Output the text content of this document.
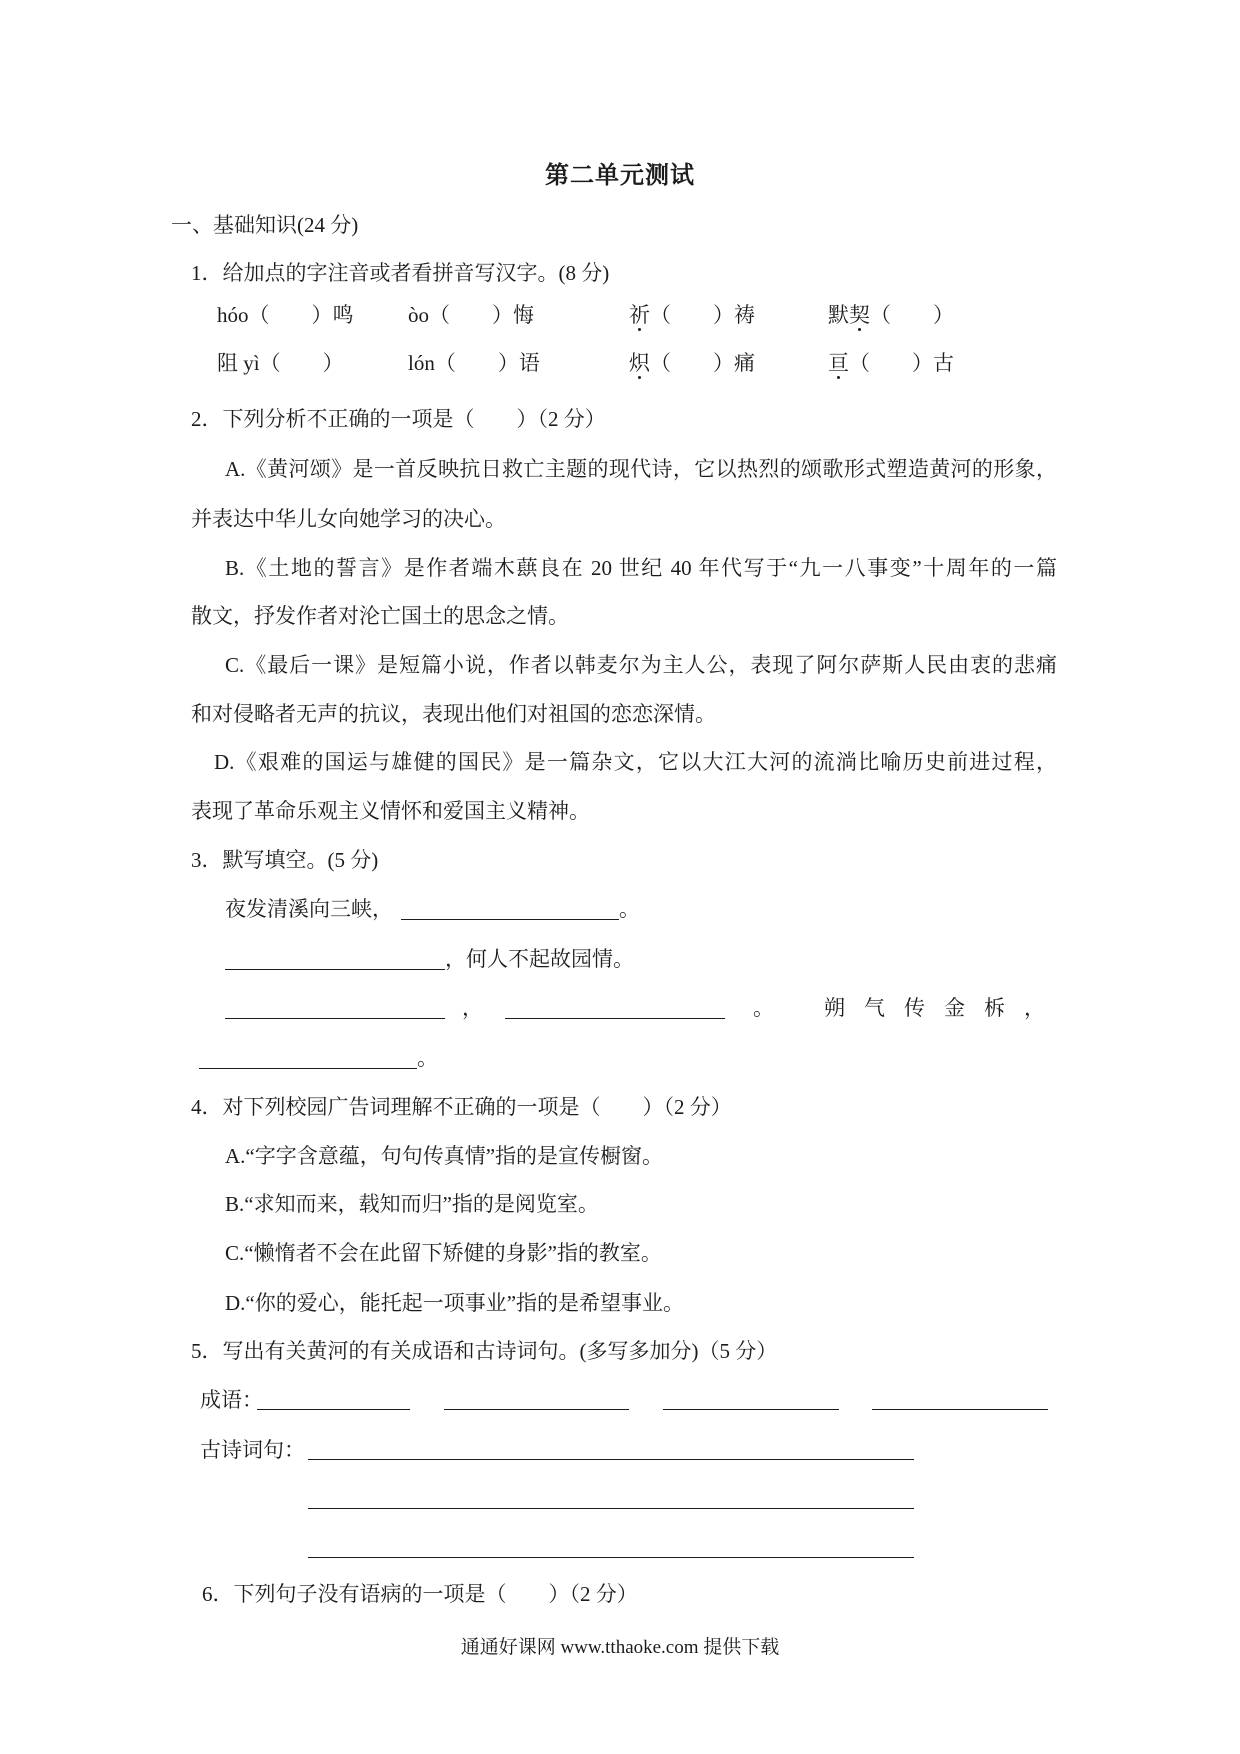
第二单元测试
一、基础知识(24 分)
1．给加点的字注音或者看拼音写汉字。(8 分)
hóo（　　）鸣	òo（　　）悔	祈（　　）祷	默契（　　）
阻 yì（　　）	lón（　　）语	炽（　　）痛	亘（　　）古
2．下列分析不正确的一项是（　　）（2 分）
A.《黄河颂》是一首反映抗日救亡主题的现代诗，它以热烈的颂歌形式塑造黄河的形象，
并表达中华儿女向她学习的决心。
B.《土地的誓言》是作者端木蕻良在 20 世纪 40 年代写于“九一八事变”十周年的一篇
散文，抒发作者对沦亡国土的思念之情。
C.《最后一课》是短篇小说，作者以韩麦尔为主人公，表现了阿尔萨斯人民由衷的悲痛
和对侵略者无声的抗议，表现出他们对祖国的恋恋深情。
D.《艰难的国运与雄健的国民》是一篇杂文，它以大江大河的流淌比喻历史前进过程，
表现了革命乐观主义情怀和爱国主义精神。
3．默写填空。(5 分)
夜发清溪向三峡，	。
，何人不起故园情。
，	。 朔气传金柝，
。
4．对下列校园广告词理解不正确的一项是（　　）（2 分）
A.“字字含意蕴，句句传真情”指的是宣传橱窗。
B.“求知而来，载知而归”指的是阅览室。
C.“懒惰者不会在此留下矫健的身影”指的教室。
D.“你的爱心，能托起一项事业”指的是希望事业。
5．写出有关黄河的有关成语和古诗词句。(多写多加分)（5 分）
成语：
古诗词句：
6．下列句子没有语病的一项是（　　）（2 分）
通通好课网 www.tthaoke.com 提供下载
